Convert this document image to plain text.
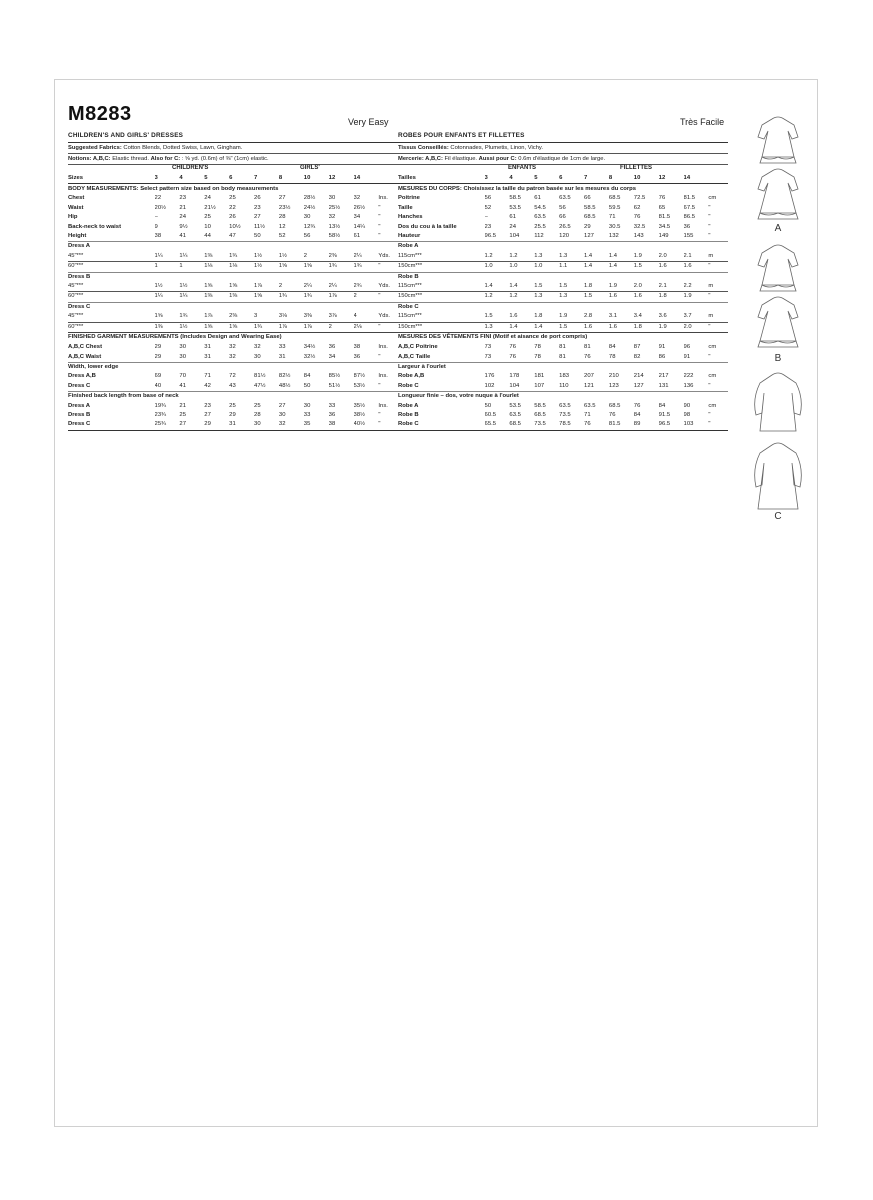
M8283	Very Easy	Très Facile
CHILDREN'S AND GIRLS' DRESSES
Suggested Fabrics: Cotton Blends, Dotted Swiss, Lawn, Gingham.
Notions: A,B,C: Elastic thread. Also for C: : ⅝ yd. (0.6m) of ⅜" (1cm) elastic.
CHILDREN'S	GIRLS'
Sizes	3	4	5	6	7	8	10	12	14	
BODY MEASUREMENTS: Select pattern size based on body measurements										
Chest	22	23	24	25	26	27	28½	30	32	Ins.
Waist	20½	21	21½	22	23	23½	24½	25½	26½	"
Hip	–	24	25	26	27	28	30	32	34	"
Back-neck to waist	9	9½	10	10½	11½	12	12¾	13½	14¼	"
Height	38	41	44	47	50	52	56	58½	61	"
Dress A										
45"***	1¼	1¼	1⅜	1¾	1½	1½	2	2⅜	2¼	Yds.
60"***	1	1	1⅛	1⅛	1½	1⅝	1⅝	1¾	1¾	"
Dress B										
45"***	1½	1½	1⅝	1⅝	1⅞	2	2¼	2¼	2¾	Yds.
60"***	1¼	1¼	1⅜	1⅜	1⅝	1¾	1¾	1⅞	2	"
Dress C										
45"***	1⅝	1¾	1⅞	2⅜	3	3⅛	3⅜	3⅞	4	Yds.
60"***	1⅜	1½	1⅝	1⅝	1¾	1⅞	1⅞	2	2⅛	"
FINISHED GARMENT MEASUREMENTS (Includes Design and Wearing Ease)										
A,B,C Chest	29	30	31	32	32	33	34½	36	38	Ins.
A,B,C Waist	29	30	31	32	30	31	32½	34	36	"
Width, lower edge										
Dress A,B	69	70	71	72	81½	82½	84	85½	87½	Ins.
Dress C	40	41	42	43	47½	48½	50	51½	53½	"
Finished back length from base of neck										
Dress A	19¾	21	23	25	25	27	30	33	35½	Ins.
Dress B	23¾	25	27	29	28	30	33	36	38½	"
Dress C	25¾	27	29	31	30	32	35	38	40½	"
ROBES POUR ENFANTS ET FILLETTES
Tissus Conseillés: Cotonnades, Plumetis, Linon, Vichy.
Mercerie: A,B,C: Fil élastique. Aussi pour C: 0.6m d'élastique de 1cm de large.
ENFANTS	FILLETTES
Tailles	3	4	5	6	7	8	10	12	14	
MESURES DU CORPS: Choisissez la taille du patron basée sur les mesures du corps										
Poitrine	56	58.5	61	63.5	66	68.5	72.5	76	81.5	cm
Taille	52	53.5	54.5	56	58.5	59.5	62	65	67.5	"
Hanches	–	61	63.5	66	68.5	71	76	81.5	86.5	"
Dos du cou à la taille	23	24	25.5	26.5	29	30.5	32.5	34.5	36	"
Hauteur	96.5	104	112	120	127	132	143	149	155	"
Robe A										
115cm***	1.2	1.2	1.3	1.3	1.4	1.4	1.9	2.0	2.1	m
150cm***	1.0	1.0	1.0	1.1	1.4	1.4	1.5	1.6	1.6	"
Robe B										
115cm***	1.4	1.4	1.5	1.5	1.8	1.9	2.0	2.1	2.2	m
150cm***	1.2	1.2	1.3	1.3	1.5	1.6	1.6	1.8	1.9	"
Robe C										
115cm***	1.5	1.6	1.8	1.9	2.8	3.1	3.4	3.6	3.7	m
150cm***	1.3	1.4	1.4	1.5	1.6	1.6	1.8	1.9	2.0	"
MESURES DES VÊTEMENTS FINI (Motif et aisance de port compris)										
A,B,C Poitrine	73	76	78	81	81	84	87	91	96	cm
A,B,C Taille	73	76	78	81	76	78	82	86	91	"
Largeur à l'ourlet										
Robe A,B	176	178	181	183	207	210	214	217	222	cm
Robe C	102	104	107	110	121	123	127	131	136	"
Longueur finie – dos, votre nuque à l'ourlet										
Robe A	50	53.5	58.5	63.5	63.5	68.5	76	84	90	cm
Robe B	60.5	63.5	68.5	73.5	71	76	84	91.5	98	"
Robe C	65.5	68.5	73.5	78.5	76	81.5	89	96.5	103	"
A
B
C
